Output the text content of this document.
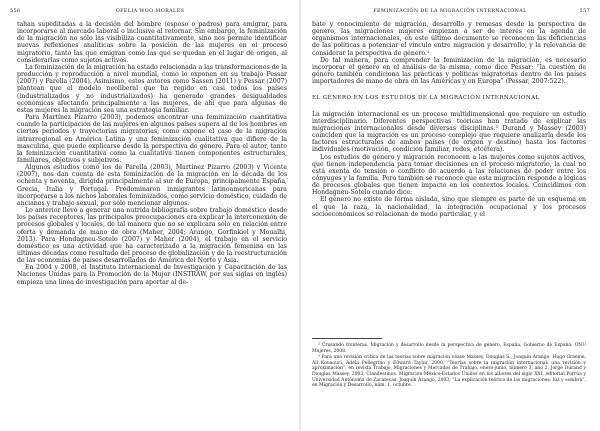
556	OFELIA WOO MORALES

tahan supeditadas a la decisión del hombre (esposo o padres) para emigrar, para incorporarse al mercado laboral o inclusive al retornar. Sin embargo, la feminización de la migración no sólo las visibiliza cuantitativamente, sino nos permite identificar nuevas reflexiones analíticas sobre la posición de las mujeres en el proceso migratorio, tanto las que emigran como las que se quedan en el lugar de origen, al considerarlas como sujetos activos.

La feminización de la migración ha estado relacionada a las transformaciones de la producción y reproducción a nivel mundial, como lo exponen en su trabajo Pessar (2007) y Parella (2004). Asimismo, estos autores como Sassen (2011) y Pessar (2007) plantean que el modelo neoliberal que ha regido en casi todos los países (industrializados y no industrializados) ha generado grandes desigualdades económicas afectando principalmente a las mujeres, de ahí que para algunas de estas mujeres la migración sea una estrategia familiar.

Para Martínez Pizarro (2003), podemos encontrar una feminización cuantitativa cuando la participación de las mujeres en algunos países supera al de los hombres en ciertos periodos y trayectorias migratorias, como expone el caso de la migración intrarregional en América Latina y una feminización cualitativa que difiere de la masculina, que puede explicarse desde la perspectiva de género. Para el autor, tanto la feminización cuantitativa como la cualitativa tienen componentes estructurales, familiares, objetivos y subjetivos.

Algunos estudios como los de Parella (2003), Martínez Pizarro (2003) y Vicente (2007), nos dan cuenta de esta feminización de la migración en la década de los ochenta y noventa, dirigida principalmente al sur de Europa, principalmente España, Grecia, Italia y Portugal. Predominaron inmigrantes latinoamericanas para incorporarse a los nichos laborales feminizados, como servicio doméstico, cuidado de ancianos y trabajo sexual, por sólo mencionar algunos.

Lo anterior llevó a generar una nutrida bibliografía sobre trabajo doméstico desde los países receptores, las principales preocupaciones era explicar la interconexión de procesos globales y locales, de tal manera que no se explicara sólo en relación entre oferta y demanda de mano de obra (Maher, 2004; Arango, Gorfinkiel y Moualhi, 2013). Para Hondagneu-Sotelo (2007) y Maher (2004), el trabajo en el servicio doméstico es una actividad que ha caracterizado a la migración femenina en las últimas décadas como resultado del proceso de globalización y de la reestructuración de las economías de países desarrollados de América del Norte y Asia.

En 2004 y 2008, el Instituto Internacional de Investigación y Capacitación de las Naciones Unidas para la Promoción de la Mujer (INSTRAW, por sus siglas en inglés) empieza una línea de investigación para aportar al de-

FEMINIZACIÓN DE LA MIGRACIÓN INTERNACIONAL	557

bate y conocimiento de migración, desarrollo y remesas desde la perspectiva de género, las migraciones mujeres empiezan a ser de interés en la agenda de organismos internacionales, en este último documento se reconocen las deficiencias de las políticas a potenciar el vínculo entre migración y desarrollo, y la relevancia de considerar la perspectiva de género.²

De tal manera, para comprender la feminización de la migración, es necesario incorporar el género en el análisis de la misma, como dice Pessar: “la cuestión de género también condiciona las prácticas y políticas migratorias dentro de los países importadores de mano de obra en las Américas y en Europa” (Pessar, 2007:522).

EL GÉNERO EN LOS ESTUDIOS DE LA MIGRACIÓN INTERNACIONAL

La migración internacional es un proceso multidimensional que requiere un estudio interdisciplinario. Diferentes perspectivas teóricas han tratado de explicar las migraciones internacionales desde diversas disciplinas.³ Durand y Massey (2003) coinciden que la migración es un proceso complejo que requiere analizarla desde los factores estructurales de ambos países (de origen y destino) hasta los factores individuales (motivación, condición familiar, redes, etcétera).

Los estudios de género y migración reconocen a las mujeres como sujetos activos, que tienen independencia para tomar decisiones en el proceso migratorio, la cual no está exenta de tensión o conflicto de acuerdo a las relaciones de poder entre los cónyuges y la familia. Pero también se reconoce que esta migración responde a lógicas de procesos globales que tienen impacto en los contextos locales. Coincidimos con Hondagneu-Sotelo cuando dice:

El género no existe de forma aislada, sino que siempre es parte de un esquema en el que la raza, la nacionalidad, la integración ocupacional y los procesos socioeconómicos se relacionan de modo particular, y el

² Crusando fronteras. Migración y desarrollo desde la perspectiva de género, España, Gobierno de España, ONU Mujeres, 2008.

³ Para una revisión crítica de las teorías sobre migración véase Massey, Douglas S., Joaquín Arango, Hugo Graeme, Alí Kouaouci, Adela Pellegrino y Edward Taylor, 2000, “Teorías sobre la migración internacional: una revisión y aproximación”, en revista Trabajo, Migraciones y Mercados de Trabajo, enero-junio, número 3, año 2. Jorge Durand y Douglas Massey, 2003, Clandestinos. Migración México-Estados Unidos en los albores del siglo XXI, editorial Porrúa y Universidad Autónoma de Zacatecas. Joaquín Arango, 2003, “La explicación teórica de las migraciones: luz y sombra”, en Migración y Desarrollo, núm. 1, octubre.
